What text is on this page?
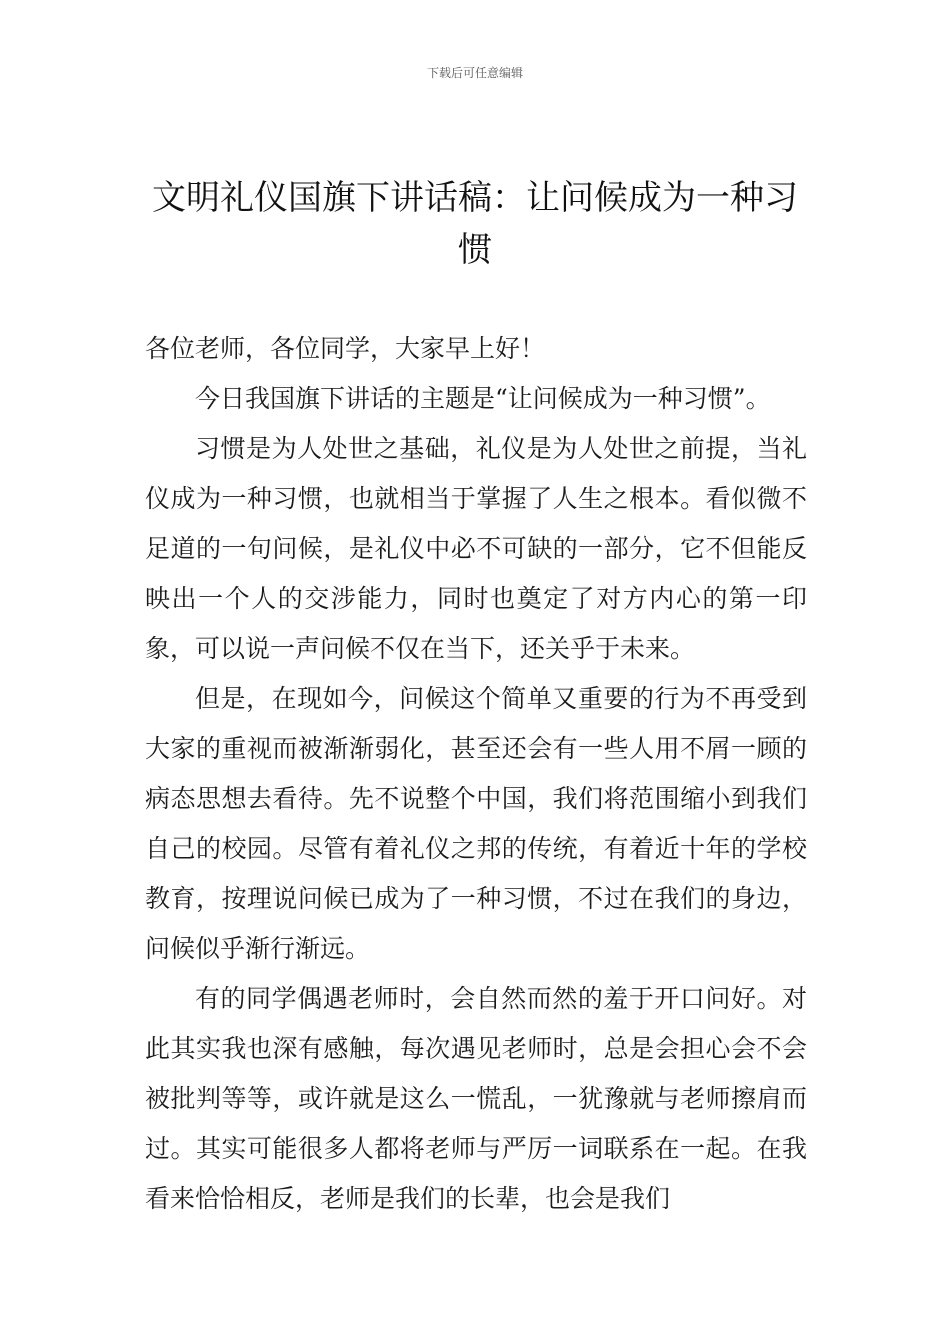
下载后可任意编辑
文明礼仪国旗下讲话稿：让问候成为一种习惯

各位老师，各位同学，大家早上好！

今日我国旗下讲话的主题是“让问候成为一种习惯”。

习惯是为人处世之基础，礼仪是为人处世之前提，当礼仪成为一种习惯，也就相当于掌握了人生之根本。看似微不足道的一句问候，是礼仪中必不可缺的一部分，它不但能反映出一个人的交涉能力，同时也奠定了对方内心的第一印象，可以说一声问候不仅在当下，还关乎于未来。

但是，在现如今，问候这个简单又重要的行为不再受到大家的重视而被渐渐弱化，甚至还会有一些人用不屑一顾的病态思想去看待。先不说整个中国，我们将范围缩小到我们自己的校园。尽管有着礼仪之邦的传统，有着近十年的学校教育，按理说问候已成为了一种习惯，不过在我们的身边，问候似乎渐行渐远。

有的同学偶遇老师时，会自然而然的羞于开口问好。对此其实我也深有感触，每次遇见老师时，总是会担心会不会被批判等等，或许就是这么一慌乱，一犹豫就与老师擦肩而过。其实可能很多人都将老师与严厉一词联系在一起。在我看来恰恰相反，老师是我们的长辈，也会是我们
